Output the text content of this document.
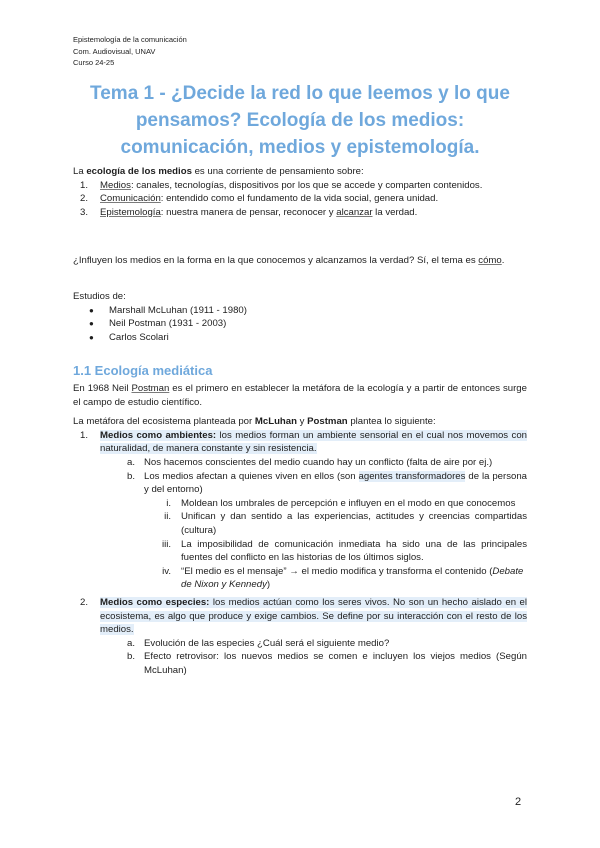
Epistemología de la comunicación
Com. Audiovisual, UNAV
Curso 24-25
Tema 1 - ¿Decide la red lo que leemos y lo que
pensamos? Ecología de los medios:
comunicación, medios y epistemología.

La ecología de los medios es una corriente de pensamiento sobre:

1. Medios: canales, tecnologías, dispositivos por los que se accede y comparten contenidos.
2. Comunicación: entendido como el fundamento de la vida social, genera unidad.
3. Epistemología: nuestra manera de pensar, reconocer y alcanzar la verdad.

¿Influyen los medios en la forma en la que conocemos y alcanzamos la verdad? Sí, el tema es cómo.

Estudios de:

● Marshall McLuhan (1911 - 1980)
● Neil Postman (1931 - 2003)
● Carlos Scolari
1.1 Ecología mediática

En 1968 Neil Postman es el primero en establecer la metáfora de la ecología y a partir de entonces surge el campo de estudio científico.

La metáfora del ecosistema planteada por McLuhan y Postman plantea lo siguiente:

1. Medios como ambientes: los medios forman un ambiente sensorial en el cual nos movemos con naturalidad, de manera constante y sin resistencia.
a. Nos hacemos conscientes del medio cuando hay un conflicto (falta de aire por ej.)
b. Los medios afectan a quienes viven en ellos (son agentes transformadores de la persona y del entorno)
i. Moldean los umbrales de percepción e influyen en el modo en que conocemos
ii. Unifican y dan sentido a las experiencias, actitudes y creencias compartidas (cultura)
iii. La imposibilidad de comunicación inmediata ha sido una de las principales fuentes del conflicto en las historias de los últimos siglos.
iv. “El medio es el mensaje” → el medio modifica y transforma el contenido (Debate de Nixon y Kennedy)
2. Medios como especies: los medios actúan como los seres vivos. No son un hecho aislado en el ecosistema, es algo que produce y exige cambios. Se define por su interacción con el resto de los medios.
a. Evolución de las especies ¿Cuál será el siguiente medio?
b. Efecto retrovisor: los nuevos medios se comen e incluyen los viejos medios (Según McLuhan)
2
